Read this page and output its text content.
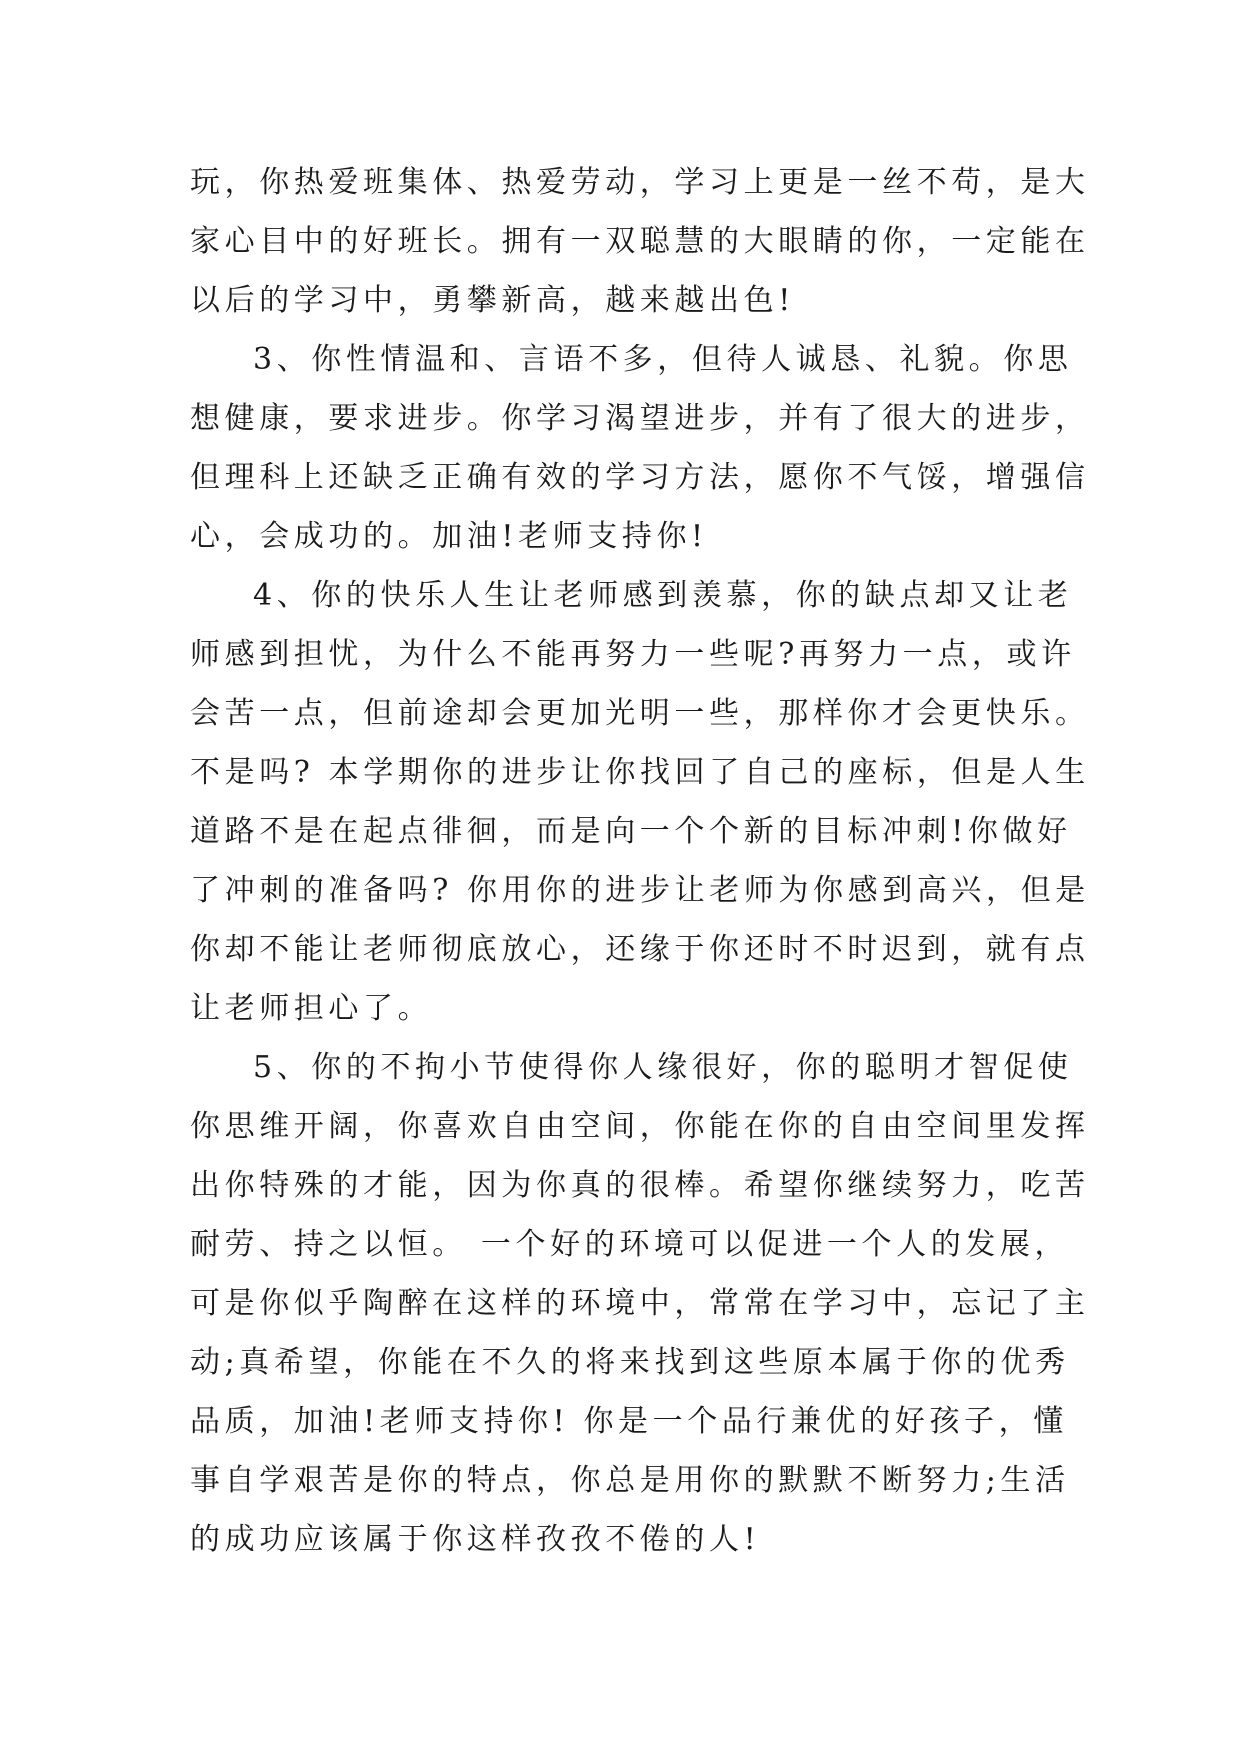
玩，你热爱班集体、热爱劳动，学习上更是一丝不苟，是大
家心目中的好班长。拥有一双聪慧的大眼睛的你，一定能在
以后的学习中，勇攀新高，越来越出色!
3、你性情温和、言语不多，但待人诚恳、礼貌。你思
想健康，要求进步。你学习渴望进步，并有了很大的进步，
但理科上还缺乏正确有效的学习方法，愿你不气馁，增强信
心，会成功的。加油!老师支持你!
4、你的快乐人生让老师感到羡慕，你的缺点却又让老
师感到担忧，为什么不能再努力一些呢?再努力一点，或许
会苦一点，但前途却会更加光明一些，那样你才会更快乐。
不是吗? 本学期你的进步让你找回了自己的座标，但是人生
道路不是在起点徘徊，而是向一个个新的目标冲刺!你做好
了冲刺的准备吗? 你用你的进步让老师为你感到高兴，但是
你却不能让老师彻底放心，还缘于你还时不时迟到，就有点
让老师担心了。
5、你的不拘小节使得你人缘很好，你的聪明才智促使
你思维开阔，你喜欢自由空间，你能在你的自由空间里发挥
出你特殊的才能，因为你真的很棒。希望你继续努力，吃苦
耐劳、持之以恒。 一个好的环境可以促进一个人的发展，
可是你似乎陶醉在这样的环境中，常常在学习中，忘记了主
动;真希望，你能在不久的将来找到这些原本属于你的优秀
品质，加油!老师支持你! 你是一个品行兼优的好孩子，懂
事自学艰苦是你的特点，你总是用你的默默不断努力;生活
的成功应该属于你这样孜孜不倦的人!
